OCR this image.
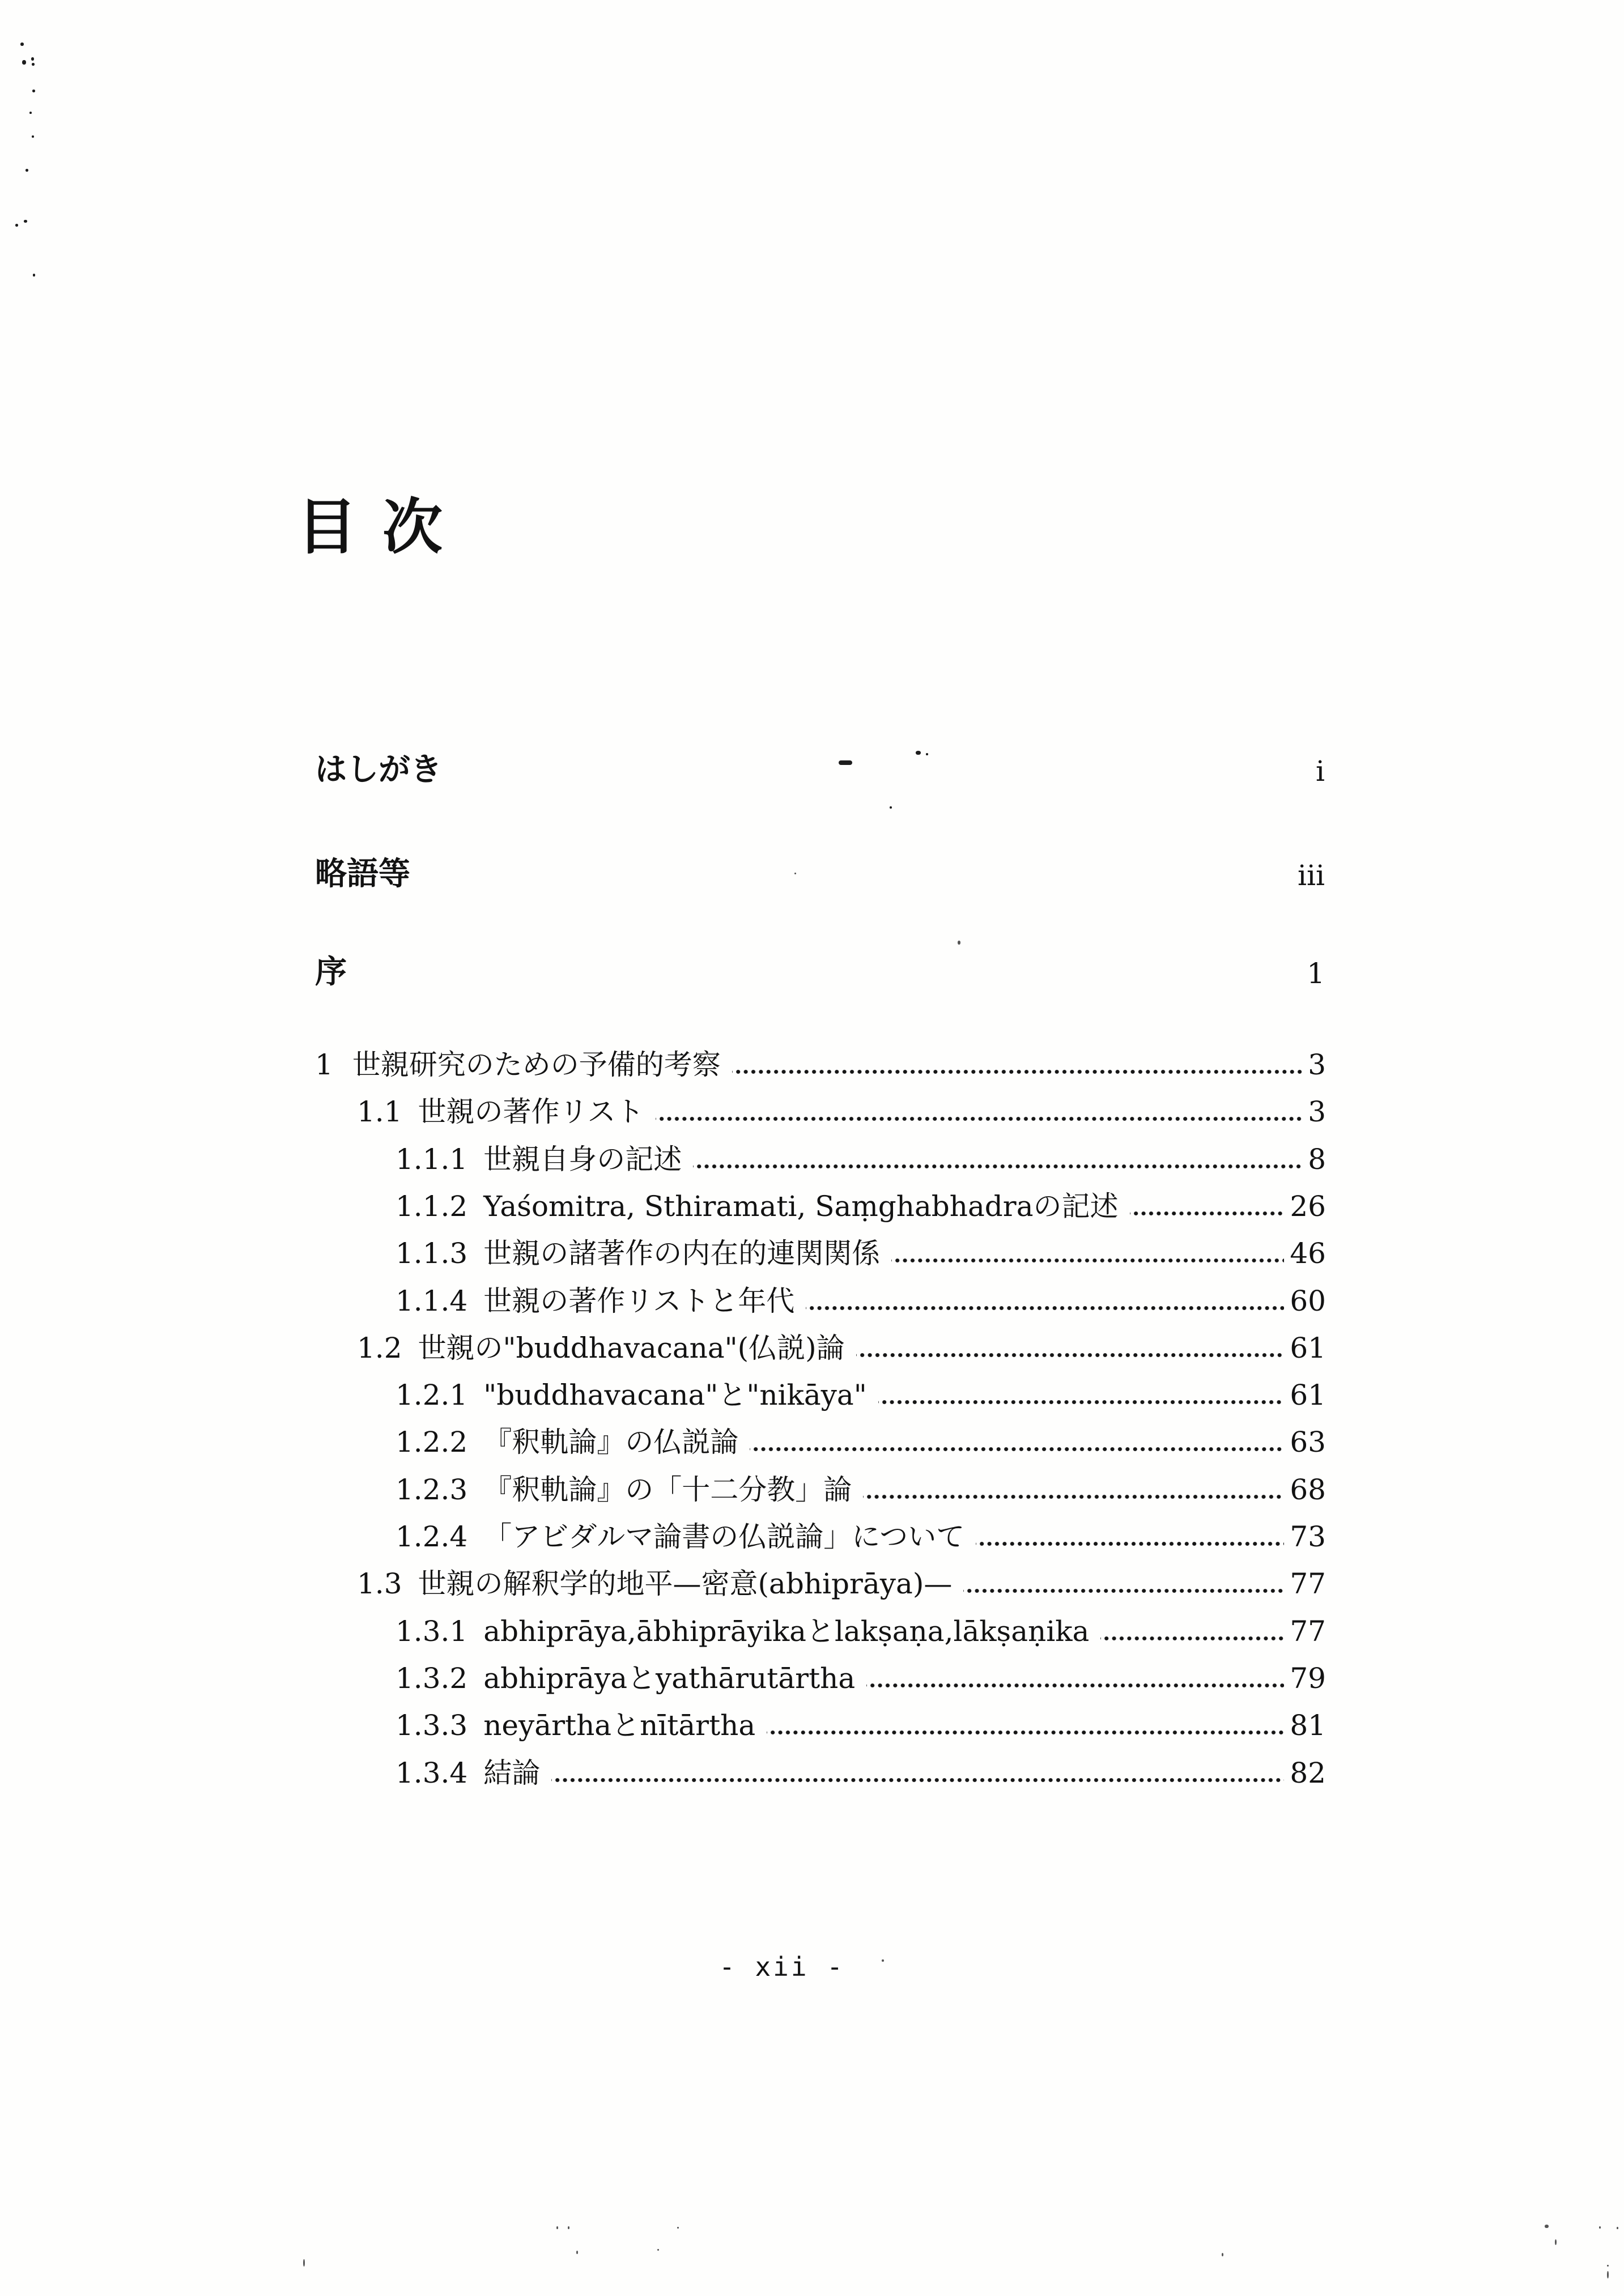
目 次
はしがき	i
略語等	iii
序	1
1 世親研究のための予備的考察	3
1.1 世親の著作リスト	3
1.1.1 世親自身の記述	8
1.1.2 Yaśomitra, Sthiramati, Saṃghabhadraの記述	26
1.1.3 世親の諸著作の内在的連関関係	46
1.1.4 世親の著作リストと年代	60
1.2 世親の"buddhavacana"(仏説)論	61
1.2.1 "buddhavacana"と"nikāya"	61
1.2.2 『釈軌論』の仏説論	63
1.2.3 『釈軌論』の「十二分教」論	68
1.2.4 「アビダルマ論書の仏説論」について	73
1.3 世親の解釈学的地平—密意(abhiprāya)—	77
1.3.1 abhiprāya,ābhiprāyikaとlakṣaṇa,lākṣaṇika	77
1.3.2 abhiprāyaとyathārutārtha	79
1.3.3 neyārthaとnītārtha	81
1.3.4 結論	82
- xii -
